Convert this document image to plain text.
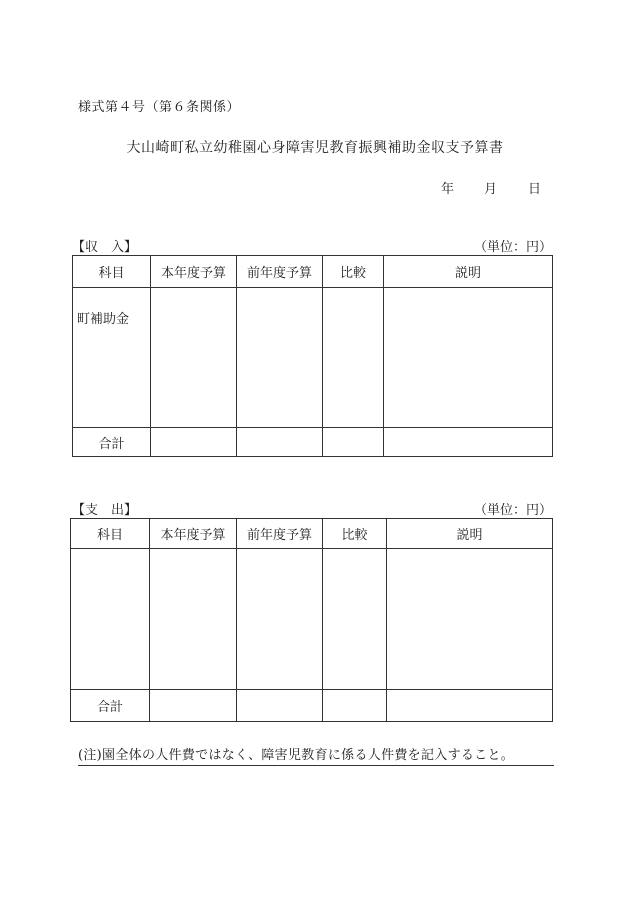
様式第４号（第６条関係）
大山崎町私立幼稚園心身障害児教育振興補助金収支予算書
年 月 日
【収　入】	（単位：円）
科目	本年度予算	前年度予算	比較	説明
町補助金				
合計				
【支　出】	（単位：円）
科目	本年度予算	前年度予算	比較	説明

合計				
(注)園全体の人件費ではなく、障害児教育に係る人件費を記入すること。
